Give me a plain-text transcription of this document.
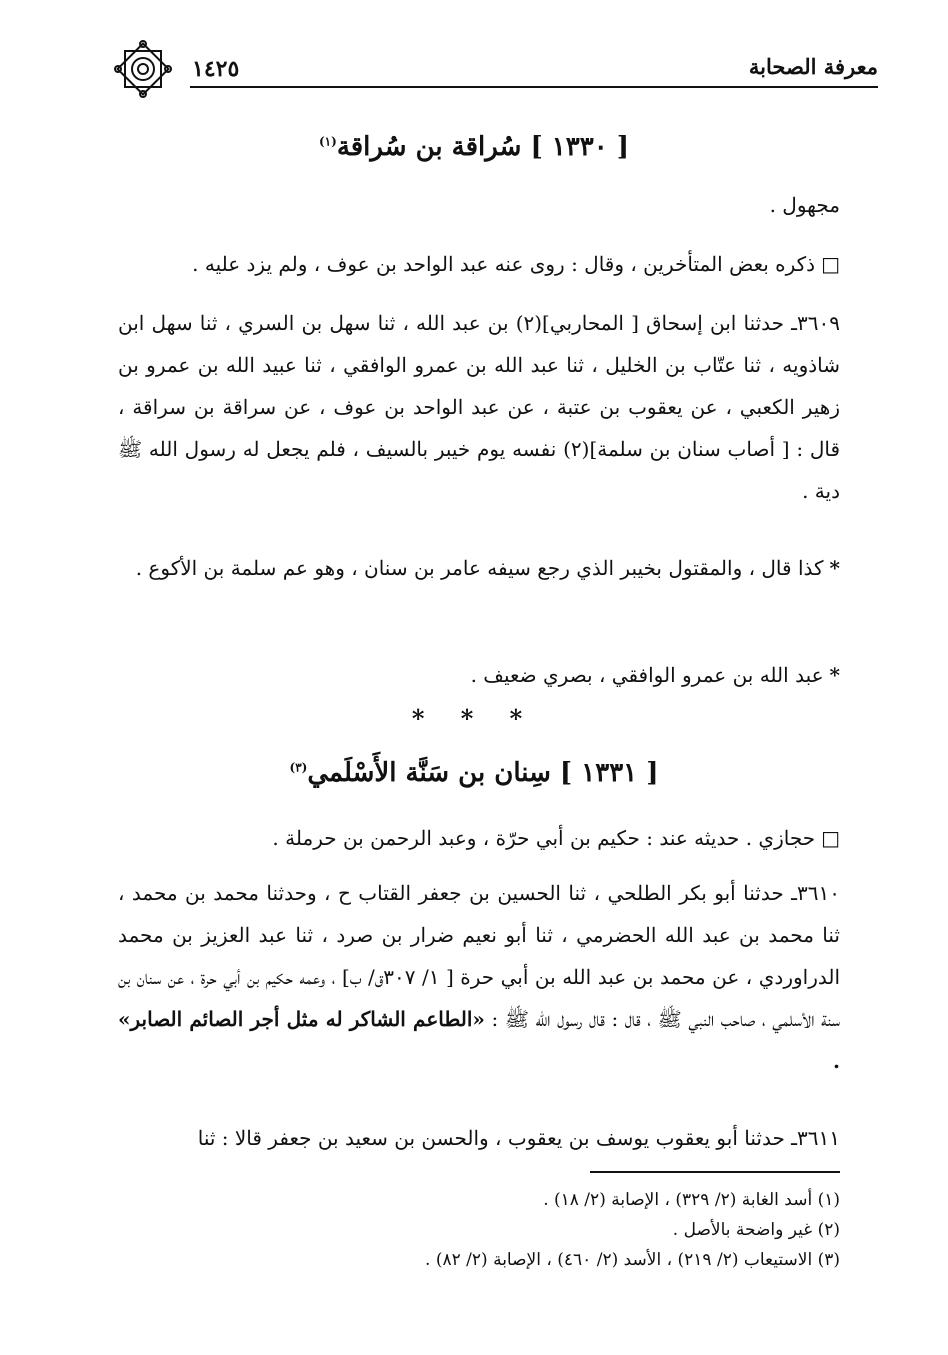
معرفة الصحابة
١٤٢٥
[ ١٣٣٠ ] سُراقة بن سُراقة$^{(١)}$
مجهول .
□ذكره بعض المتأخرين ، وقال : روى عنه عبد الواحد بن عوف ، ولم يزد عليه .
٣٦٠٩ـ حدثنا ابن إسحاق [ المحاربي](٢) بن عبد الله ، ثنا سهل بن السري ، ثنا سهل ابن شاذويه ، ثنا عتّاب بن الخليل ، ثنا عبد الله بن عمرو الوافقي ، ثنا عبيد الله بن عمرو بن زهير الكعبي ، عن يعقوب بن عتبة ، عن عبد الواحد بن عوف ، عن سراقة بن سراقة ، قال : [ أصاب سنان بن سلمة](٢) نفسه يوم خيبر بالسيف ، فلم يجعل له رسول الله ﷺ دية .
*كذا قال ، والمقتول بخيبر الذي رجع سيفه عامر بن سنان ، وهو عم سلمة بن الأكوع .
*عبد الله بن عمرو الوافقي ، بصري ضعيف .
* * *
[ ١٣٣١ ] سِنان بن سَنَّة الأَسْلَمي$^{(٣)}$
□حجازي . حديثه عند : حكيم بن أبي حرّة ، وعبد الرحمن بن حرملة .
٣٦١٠ـ حدثنا أبو بكر الطلحي ، ثنا الحسين بن جعفر القتاب ح ، وحدثنا محمد بن محمد ، ثنا محمد بن عبد الله الحضرمي ، ثنا أبو نعيم ضرار بن صرد ، ثنا عبد العزيز بن محمد الدراوردي ، عن محمد بن عبد الله بن أبي حرة [ ١/ ٣٠٧ق/ ب] ، وعمه حكيم بن أبي حرة ، عن سنان بن سنة الأسلمي ، صاحب النبي ﷺ ، قال : قال رسول الله ﷺ : «الطاعم الشاكر له مثل أجر الصائم الصابر» .
٣٦١١ـ حدثنا أبو يعقوب يوسف بن يعقوب ، والحسن بن سعيد بن جعفر قالا : ثنا
(١) أسد الغابة (٢/ ٣٢٩) ، الإصابة (٢/ ١٨) .
(٢) غير واضحة بالأصل .
(٣) الاستيعاب (٢/ ٢١٩) ، الأسد (٢/ ٤٦٠) ، الإصابة (٢/ ٨٢) .
